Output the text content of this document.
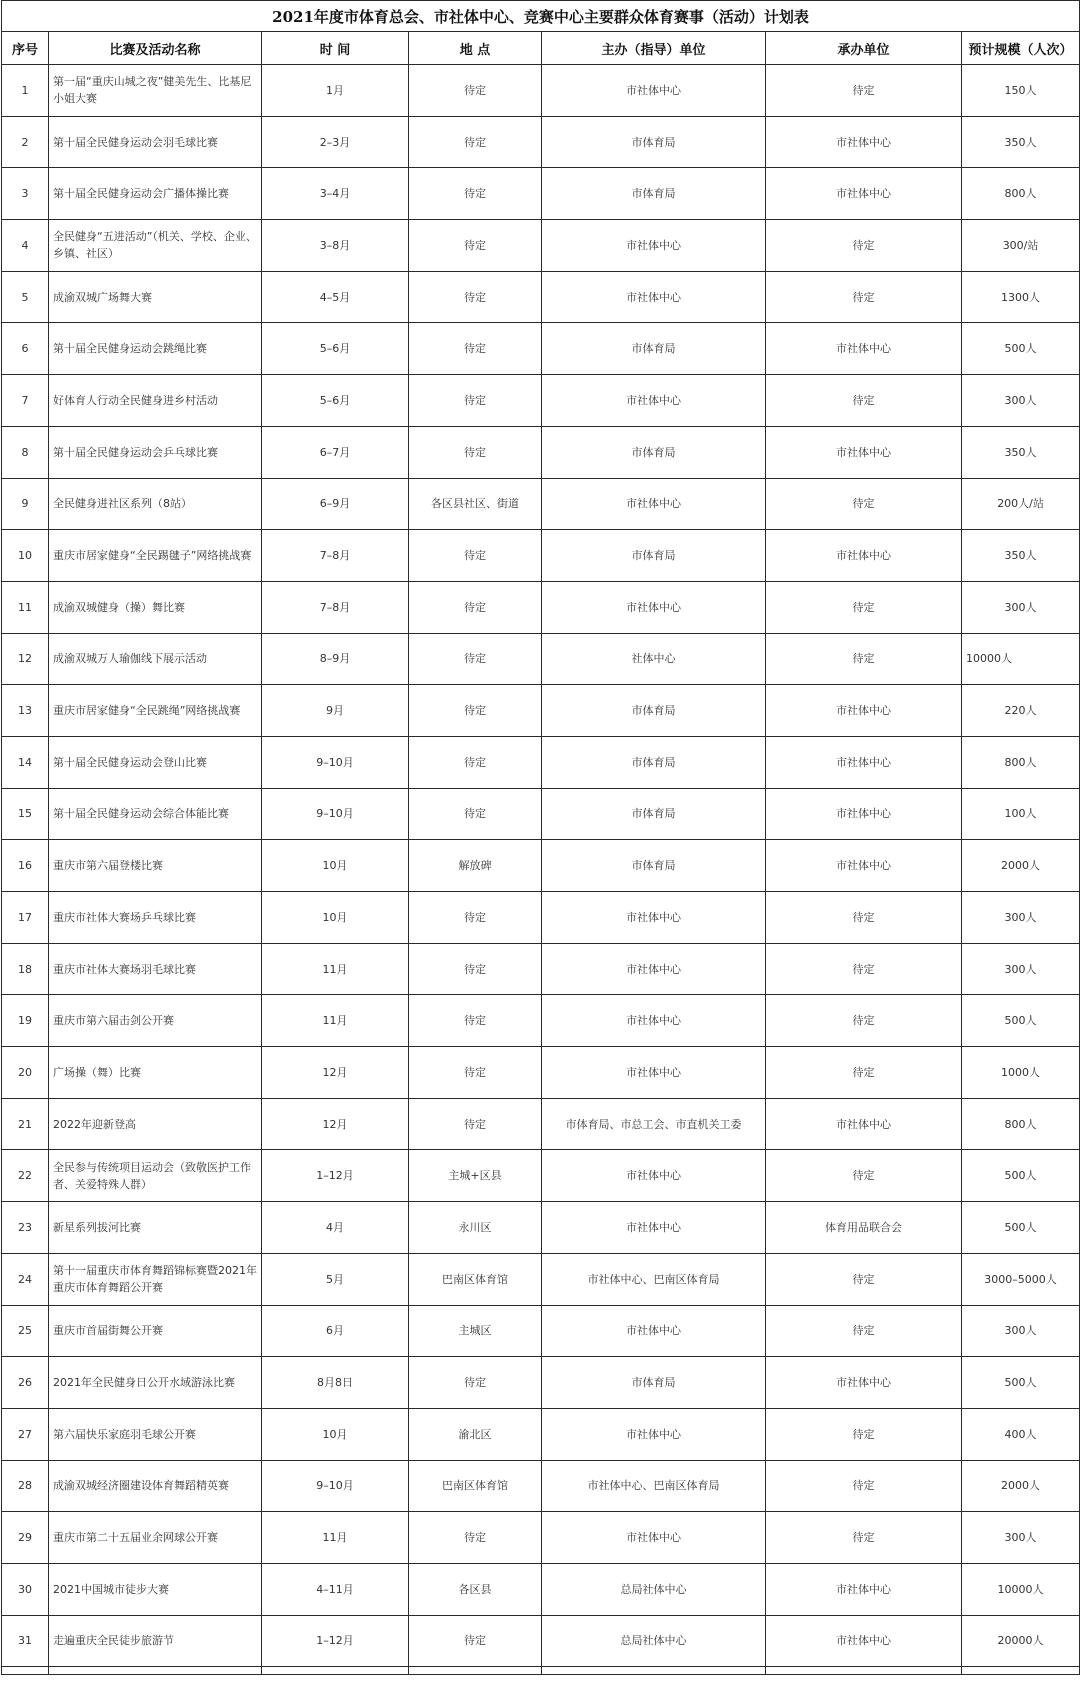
2021年度市体育总会、市社体中心、竞赛中心主要群众体育赛事（活动）计划表						
序号	比赛及活动名称	时 间	地 点	主办（指导）单位	承办单位	预计规模（人次）
1	第一届“重庆山城之夜”健美先生、比基尼小姐大赛	1月	待定	市社体中心	待定	150人
2	第十届全民健身运动会羽毛球比赛	2–3月	待定	市体育局	市社体中心	350人
3	第十届全民健身运动会广播体操比赛	3–4月	待定	市体育局	市社体中心	800人
4	全民健身“五进活动”（机关、学校、企业、乡镇、社区）	3–8月	待定	市社体中心	待定	300/站
5	成渝双城广场舞大赛	4–5月	待定	市社体中心	待定	1300人
6	第十届全民健身运动会跳绳比赛	5–6月	待定	市体育局	市社体中心	500人
7	好体育人行动全民健身进乡村活动	5–6月	待定	市社体中心	待定	300人
8	第十届全民健身运动会乒乓球比赛	6–7月	待定	市体育局	市社体中心	350人
9	全民健身进社区系列（8站）	6–9月	各区县社区、街道	市社体中心	待定	200人/站
10	重庆市居家健身“全民踢毽子”网络挑战赛	7–8月	待定	市体育局	市社体中心	350人
11	成渝双城健身（操）舞比赛	7–8月	待定	市社体中心	待定	300人
12	成渝双城万人瑜伽线下展示活动	8–9月	待定	社体中心	待定	10000人
13	重庆市居家健身“全民跳绳”网络挑战赛	9月	待定	市体育局	市社体中心	220人
14	第十届全民健身运动会登山比赛	9–10月	待定	市体育局	市社体中心	800人
15	第十届全民健身运动会综合体能比赛	9–10月	待定	市体育局	市社体中心	100人
16	重庆市第六届登楼比赛	10月	解放碑	市体育局	市社体中心	2000人
17	重庆市社体大赛场乒乓球比赛	10月	待定	市社体中心	待定	300人
18	重庆市社体大赛场羽毛球比赛	11月	待定	市社体中心	待定	300人
19	重庆市第六届击剑公开赛	11月	待定	市社体中心	待定	500人
20	广场操（舞）比赛	12月	待定	市社体中心	待定	1000人
21	2022年迎新登高	12月	待定	市体育局、市总工会、市直机关工委	市社体中心	800人
22	全民参与传统项目运动会（致敬医护工作者、关爱特殊人群）	1–12月	主城+区县	市社体中心	待定	500人
23	新星系列拔河比赛	4月	永川区	市社体中心	体育用品联合会	500人
24	第十一届重庆市体育舞蹈锦标赛暨2021年重庆市体育舞蹈公开赛	5月	巴南区体育馆	市社体中心、巴南区体育局	待定	3000–5000人
25	重庆市首届街舞公开赛	6月	主城区	市社体中心	待定	300人
26	2021年全民健身日公开水域游泳比赛	8月8日	待定	市体育局	市社体中心	500人
27	第六届快乐家庭羽毛球公开赛	10月	渝北区	市社体中心	待定	400人
28	成渝双城经济圈建设体育舞蹈精英赛	9–10月	巴南区体育馆	市社体中心、巴南区体育局	待定	2000人
29	重庆市第二十五届业余网球公开赛	11月	待定	市社体中心	待定	300人
30	2021中国城市徒步大赛	4–11月	各区县	总局社体中心	市社体中心	10000人
31	走遍重庆全民徒步旅游节	1–12月	待定	总局社体中心	市社体中心	20000人
